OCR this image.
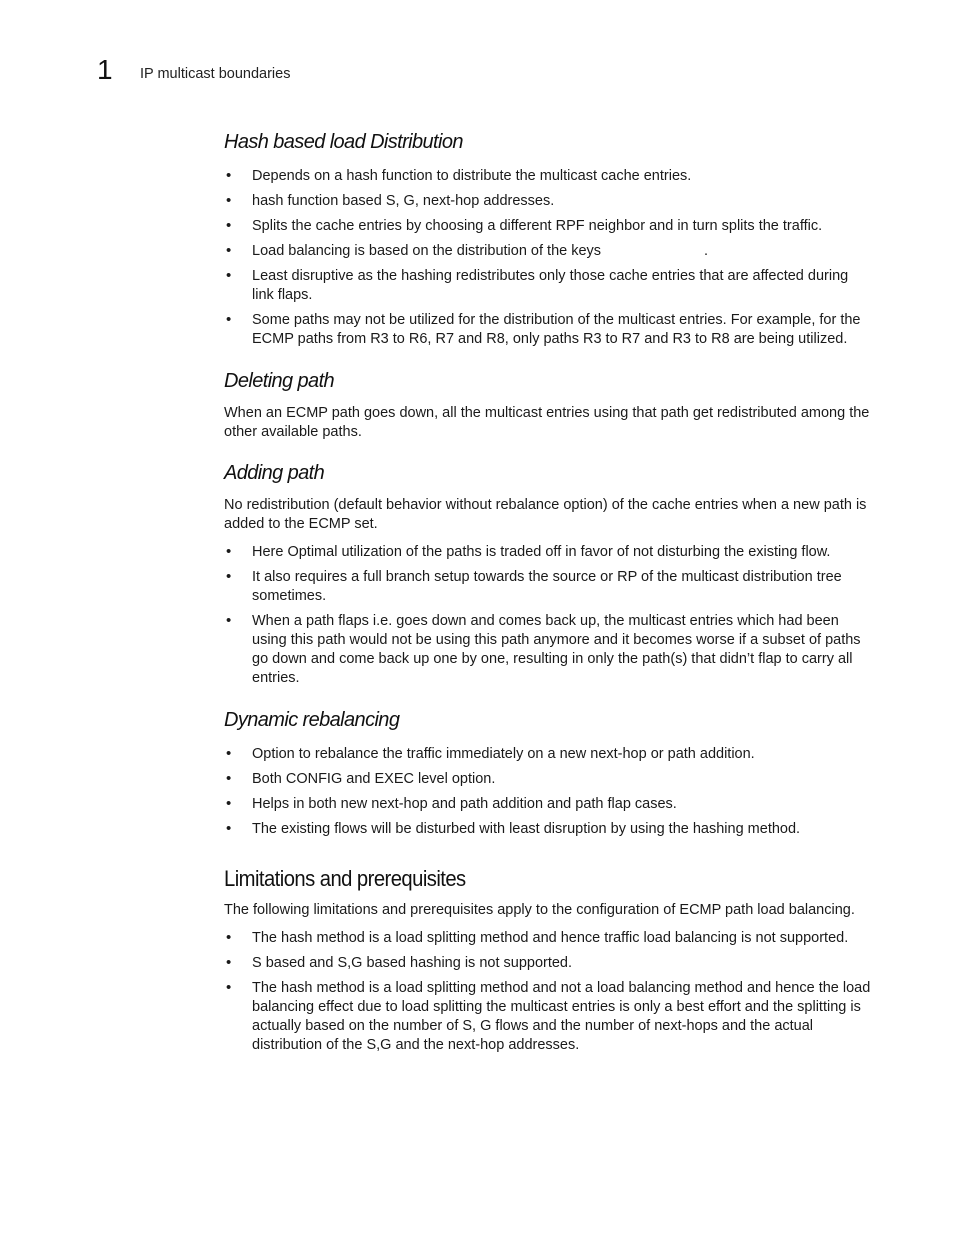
1 IP multicast boundaries
Hash based load Distribution
• Depends on a hash function to distribute the multicast cache entries.
• hash function based S, G, next-hop addresses.
• Splits the cache entries by choosing a different RPF neighbor and in turn splits the traffic.
• Load balancing is based on the distribution of the keys	.
• Least disruptive as the hashing redistributes only those cache entries that are affected during link flaps.
• Some paths may not be utilized for the distribution of the multicast entries. For example, for the ECMP paths from R3 to R6, R7 and R8, only paths R3 to R7 and R3 to R8 are being utilized.
Deleting path

When an ECMP path goes down, all the multicast entries using that path get redistributed among the other available paths.

Adding path

No redistribution (default behavior without rebalance option) of the cache entries when a new path is added to the ECMP set.

• Here Optimal utilization of the paths is traded off in favor of not disturbing the existing flow.
• It also requires a full branch setup towards the source or RP of the multicast distribution tree sometimes.
• When a path flaps i.e. goes down and comes back up, the multicast entries which had been using this path would not be using this path anymore and it becomes worse if a subset of paths go down and come back up one by one, resulting in only the path(s) that didn’t flap to carry all entries.
Dynamic rebalancing
• Option to rebalance the traffic immediately on a new next-hop or path addition.
• Both CONFIG and EXEC level option.
• Helps in both new next-hop and path addition and path flap cases.
• The existing flows will be disturbed with least disruption by using the hashing method.
Limitations and prerequisites

The following limitations and prerequisites apply to the configuration of ECMP path load balancing.

• The hash method is a load splitting method and hence traffic load balancing is not supported.
• S based and S,G based hashing is not supported.
• The hash method is a load splitting method and not a load balancing method and hence the load balancing effect due to load splitting the multicast entries is only a best effort and the splitting is actually based on the number of S, G flows and the number of next-hops and the actual distribution of the S,G and the next-hop addresses.
